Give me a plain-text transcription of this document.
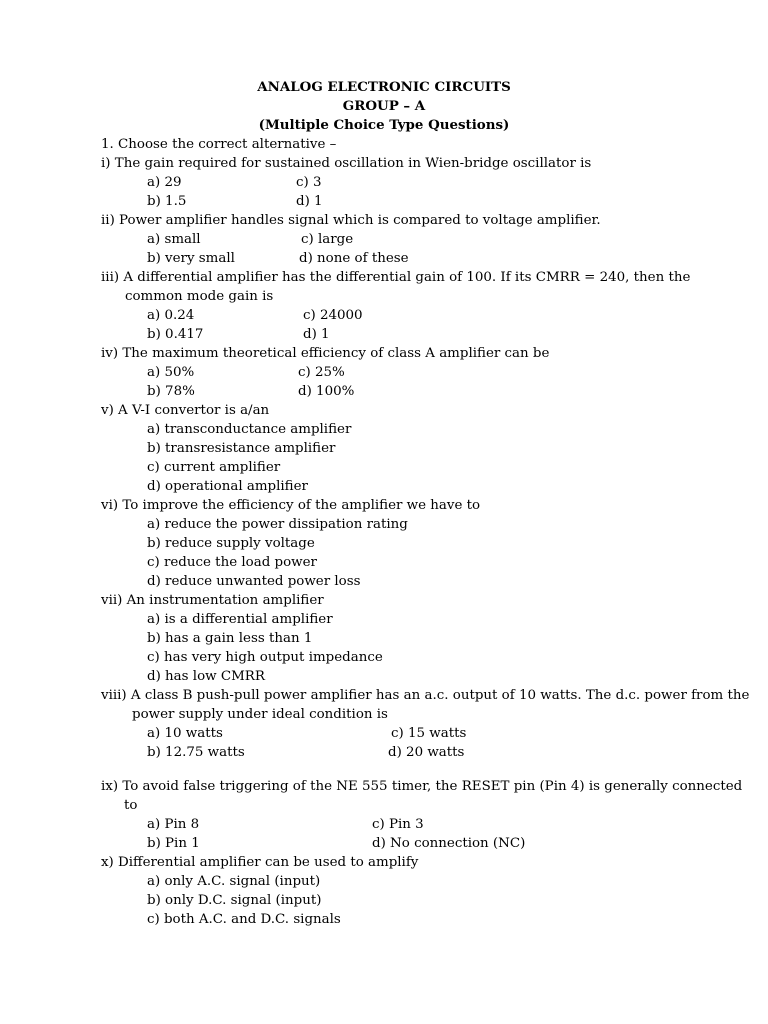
ANALOG ELECTRONIC CIRCUITS
GROUP – A
(Multiple Choice Type Questions)
1. Choose the correct alternative –
i) The gain required for sustained oscillation in Wien-bridge oscillator is
a) 29
b) 1.5
c) 3
d) 1
ii) Power amplifier handles signal which is compared to voltage amplifier.
a) small
b) very small
c) large
d) none of these
iii) A differential amplifier has the differential gain of 100. If its CMRR = 240, then the
common mode gain is
a) 0.24
b) 0.417
c) 24000
d) 1
iv) The maximum theoretical efficiency of class A amplifier can be
a) 50%
b) 78%
c) 25%
d) 100%
v) A V-I convertor is a/an
a) transconductance amplifier
b) transresistance amplifier
c) current amplifier
d) operational amplifier
vi) To improve the efficiency of the amplifier we have to
a) reduce the power dissipation rating
b) reduce supply voltage
c) reduce the load power
d) reduce unwanted power loss
vii) An instrumentation amplifier
a) is a differential amplifier
b) has a gain less than 1
c) has very high output impedance
d) has low CMRR
viii) A class B push-pull power amplifier has an a.c. output of 10 watts. The d.c. power from the
power supply under ideal condition is
a) 10 watts
b) 12.75 watts
c) 15 watts
d) 20 watts
ix) To avoid false triggering of the NE 555 timer, the RESET pin (Pin 4) is generally connected
to
a) Pin 8
b) Pin 1
c) Pin 3
d) No connection (NC)
x) Differential amplifier can be used to amplify
a) only A.C. signal (input)
b) only D.C. signal (input)
c) both A.C. and D.C. signals
